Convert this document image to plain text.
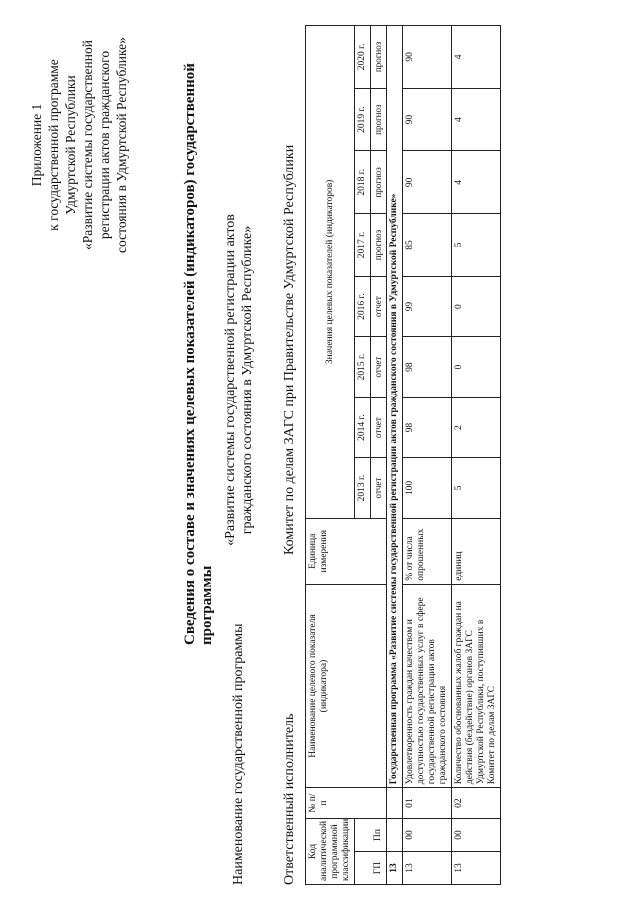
Приложение 1 к государственной программе Удмуртской Республики «Развитие системы государственной регистрации актов гражданского состояния в Удмуртской Республике»	Сведения о составе и значениях целевых показателей (индикаторов) государственной программы
Наименование государственной программы
«Развитие системы государственной регистрации актов гражданского состояния в Удмуртской Республике»
Ответственный исполнитель
Комитет по делам ЗАГС при Правительстве Удмуртской Республики
Код аналитической программной классификации		№ п/п	Наименование целевого показателя (индикатора)	Единица измерения	Значения целевых показателей (индикаторов)							
ГП	Пп				2013 г.	2014 г.	2015 г.	2016 г.	2017 г.	2018 г.	2019 г.	2020 г.
					отчет	отчет	отчет	отчет	прогноз	прогноз	прогноз	прогноз
13			Государственная программа «Развитие системы государственной регистрации актов гражданского состояния в Удмуртской Республике»									
13	00	01	Удовлетворенность граждан качеством и доступностью государственных услуг в сфере государственной регистрации актов гражданского состояния	% от числа опрошенных	100	98	98	99	85	90	90	90
13	00	02	Количество обоснованных жалоб граждан на действия (бездействие) органов ЗАГС Удмуртской Республики, поступивших в Комитет по делам ЗАГС	единиц	5	2	0	0	5	4	4	4
